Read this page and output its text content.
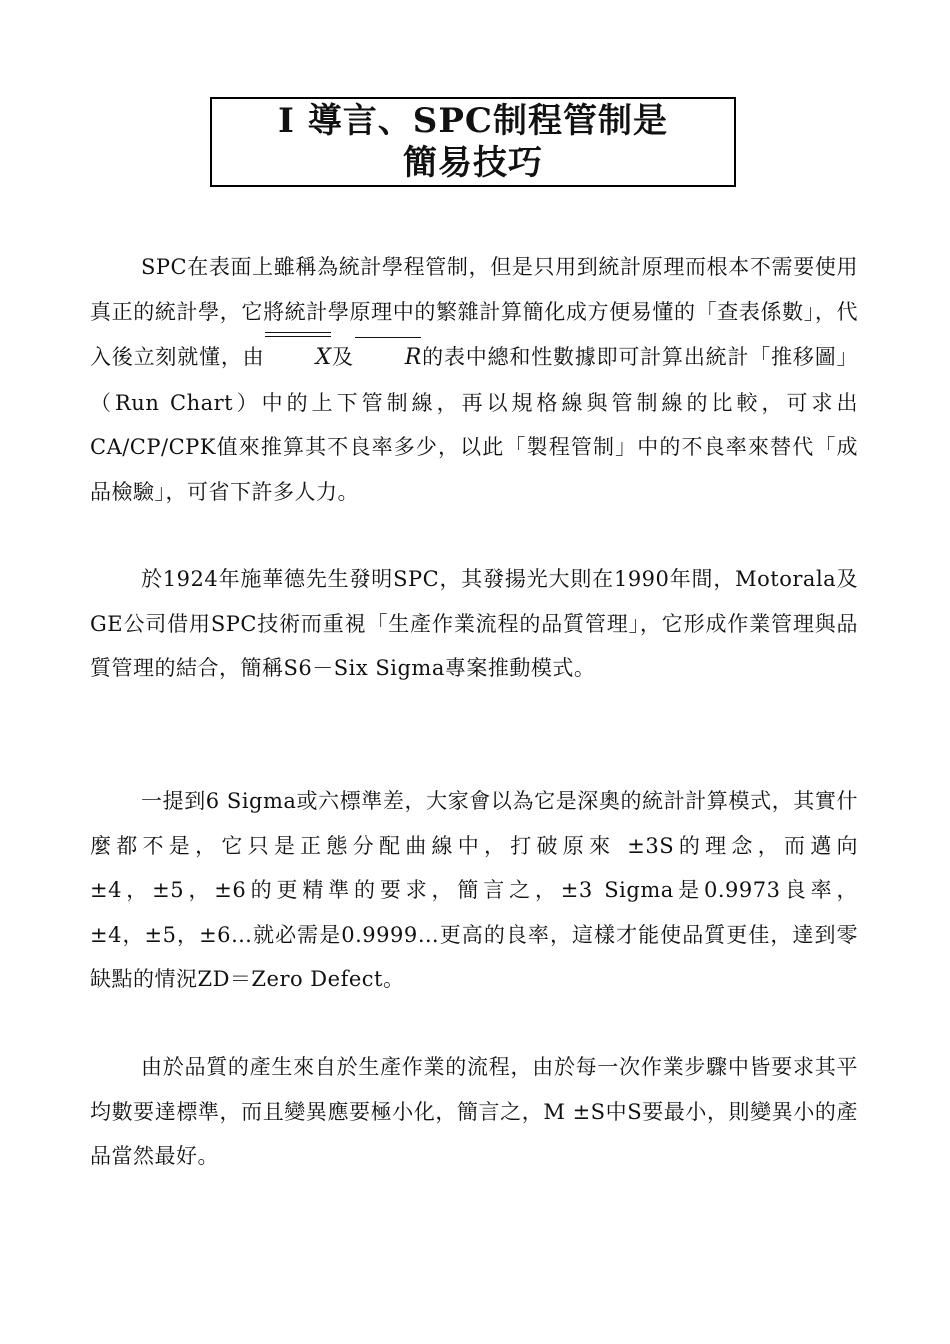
Ⅰ 導言、SPC制程管制是
簡易技巧

SPC在表面上雖稱為統計學程管制，但是只用到統計原理而根本不需要使用真正的統計學，它將統計學原理中的繁雜計算簡化成方便易懂的「查表係數」，代入後立刻就懂，由 X及 R的表中總和性數據即可計算出統計「推移圖」（Run Chart）中的上下管制線，再以規格線與管制線的比較，可求出CA/CP/CPK值來推算其不良率多少，以此「製程管制」中的不良率來替代「成品檢驗」，可省下許多人力。

於1924年施華德先生發明SPC，其發揚光大則在1990年間，Motorala及GE公司借用SPC技術而重視「生產作業流程的品質管理」，它形成作業管理與品質管理的結合，簡稱S6－Six Sigma專案推動模式。

一提到6 Sigma或六標準差，大家會以為它是深奧的統計計算模式，其實什麼都不是，它只是正態分配曲線中，打破原來 ±3S的理念，而邁向 ±4，±5，±6的更精準的要求，簡言之，±3 Sigma是0.9973良率，±4，±5，±6…就必需是0.9999…更高的良率，這樣才能使品質更佳，達到零缺點的情況ZD＝Zero Defect。

由於品質的產生來自於生產作業的流程，由於每一次作業步驟中皆要求其平均數要達標準，而且變異應要極小化，簡言之，M ±S中S要最小，則變異小的產品當然最好。
